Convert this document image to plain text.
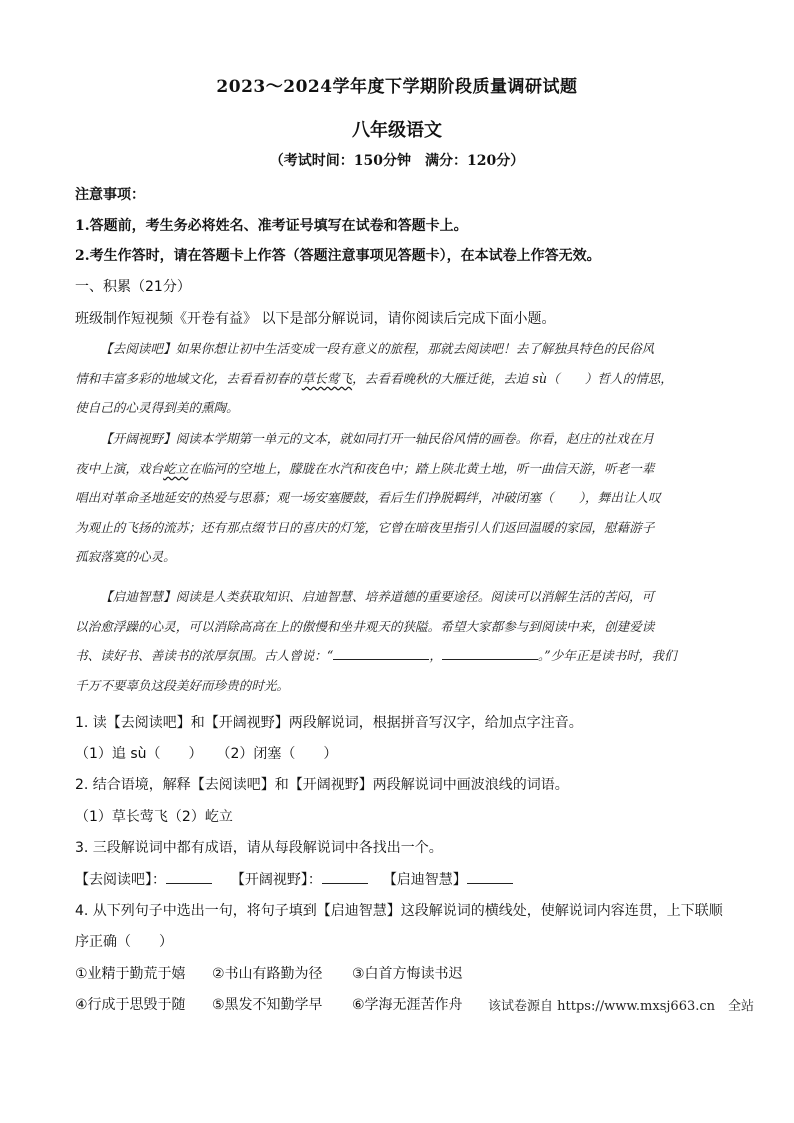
2023～2024学年度下学期阶段质量调研试题
八年级语文
（考试时间：150分钟　满分：120分）
注意事项：
1.答题前，考生务必将姓名、准考证号填写在试卷和答题卡上。
2.考生作答时，请在答题卡上作答（答题注意事项见答题卡），在本试卷上作答无效。
一、积累（21分）
班级制作短视频《开卷有益》 以下是部分解说词，请你阅读后完成下面小题。
【去阅读吧】如果你想让初中生活变成一段有意义的旅程，那就去阅读吧！去了解独具特色的民俗风
情和丰富多彩的地域文化，去看看初春的草长莺飞，去看看晚秋的大雁迁徙，去追 sù（　　）哲人的情思，
使自己的心灵得到美的熏陶。
【开阔视野】阅读本学期第一单元的文本，就如同打开一轴民俗风情的画卷。你看，赵庄的社戏在月
夜中上演，戏台屹立在临河的空地上，朦胧在水汽和夜色中；踏上陕北黄土地，听一曲信天游，听老一辈
唱出对革命圣地延安的热爱与思慕；观一场安塞腰鼓，看后生们挣脱羁绊，冲破闭塞（　　），舞出让人叹
为观止的飞扬的流苏；还有那点缀节日的喜庆的灯笼，它曾在暗夜里指引人们返回温暖的家园，慰藉游子
孤寂落寞的心灵。
【启迪智慧】阅读是人类获取知识、启迪智慧、培养道德的重要途径。阅读可以消解生活的苦闷，可
以治愈浮躁的心灵，可以消除高高在上的傲慢和坐井观天的狭隘。希望大家都参与到阅读中来，创建爱读
书、读好书、善读书的浓厚氛围。古人曾说：“	，	。”少年正是读书时，我们
千万不要辜负这段美好而珍贵的时光。
1. 读【去阅读吧】和【开阔视野】两段解说词，根据拼音写汉字，给加点字注音。
（1）追 sù（　　）　　（2）闭塞（　　）
2. 结合语境，解释【去阅读吧】和【开阔视野】两段解说词中画波浪线的词语。
（1）草长莺飞（2）屹立
3. 三段解说词中都有成语，请从每段解说词中各找出一个。
【去阅读吧】：	【开阔视野】：	【启迪智慧】
4. 从下列句子中选出一句，将句子填到【启迪智慧】这段解说词的横线处，使解说词内容连贯，上下联顺
序正确（　　）
①业精于勤荒于嬉 ②书山有路勤为径 ③白首方悔读书迟
④行成于思毁于随 ⑤黑发不知勤学早 ⑥学海无涯苦作舟 该试卷源自 https://www.mxsj663.cn　全站
